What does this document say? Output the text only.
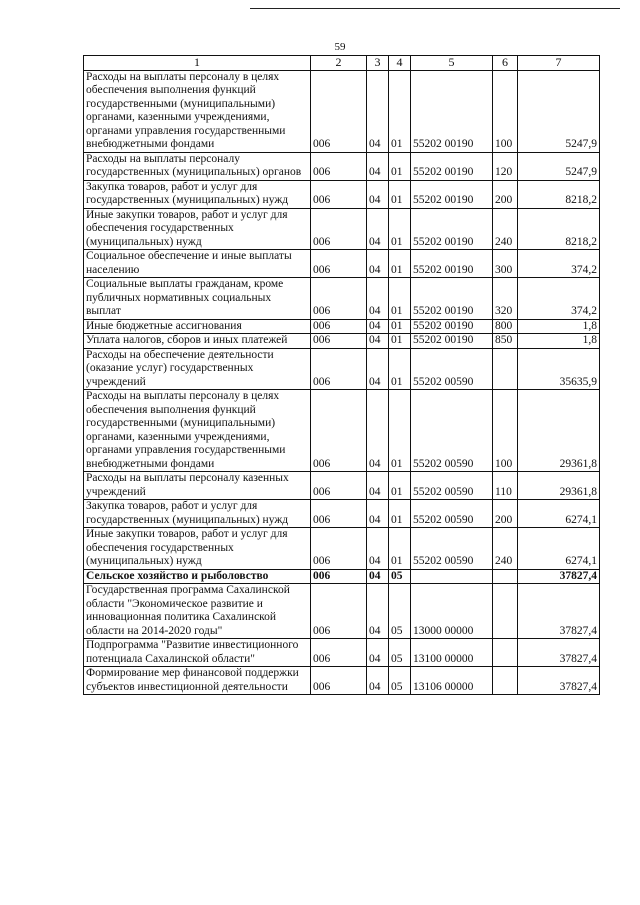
59
1	2	3	4	5	6	7
Расходы на выплаты персоналу в целях обеспечения выполнения функций государственными (муниципальными) органами, казенными учреждениями, органами управления государственными внебюджетными фондами	006	04	01	55202 00190	100	5247,9
Расходы на выплаты персоналу государственных (муниципальных) органов	006	04	01	55202 00190	120	5247,9
Закупка товаров, работ и услуг для государственных (муниципальных) нужд	006	04	01	55202 00190	200	8218,2
Иные закупки товаров, работ и услуг для обеспечения государственных (муниципальных) нужд	006	04	01	55202 00190	240	8218,2
Социальное обеспечение и иные выплаты населению	006	04	01	55202 00190	300	374,2
Социальные выплаты гражданам, кроме публичных нормативных социальных выплат	006	04	01	55202 00190	320	374,2
Иные бюджетные ассигнования	006	04	01	55202 00190	800	1,8
Уплата налогов, сборов и иных платежей	006	04	01	55202 00190	850	1,8
Расходы на обеспечение деятельности (оказание услуг) государственных учреждений	006	04	01	55202 00590		35635,9
Расходы на выплаты персоналу в целях обеспечения выполнения функций государственными (муниципальными) органами, казенными учреждениями, органами управления государственными внебюджетными фондами	006	04	01	55202 00590	100	29361,8
Расходы на выплаты персоналу казенных учреждений	006	04	01	55202 00590	110	29361,8
Закупка товаров, работ и услуг для государственных (муниципальных) нужд	006	04	01	55202 00590	200	6274,1
Иные закупки товаров, работ и услуг для обеспечения государственных (муниципальных) нужд	006	04	01	55202 00590	240	6274,1
Сельское хозяйство и рыболовство	006	04	05			37827,4
Государственная программа Сахалинской области "Экономическое развитие и инновационная политика Сахалинской области на 2014-2020 годы"	006	04	05	13000 00000		37827,4
Подпрограмма "Развитие инвестиционного потенциала Сахалинской области"	006	04	05	13100 00000		37827,4
Формирование мер финансовой поддержки субъектов инвестиционной деятельности	006	04	05	13106 00000		37827,4
